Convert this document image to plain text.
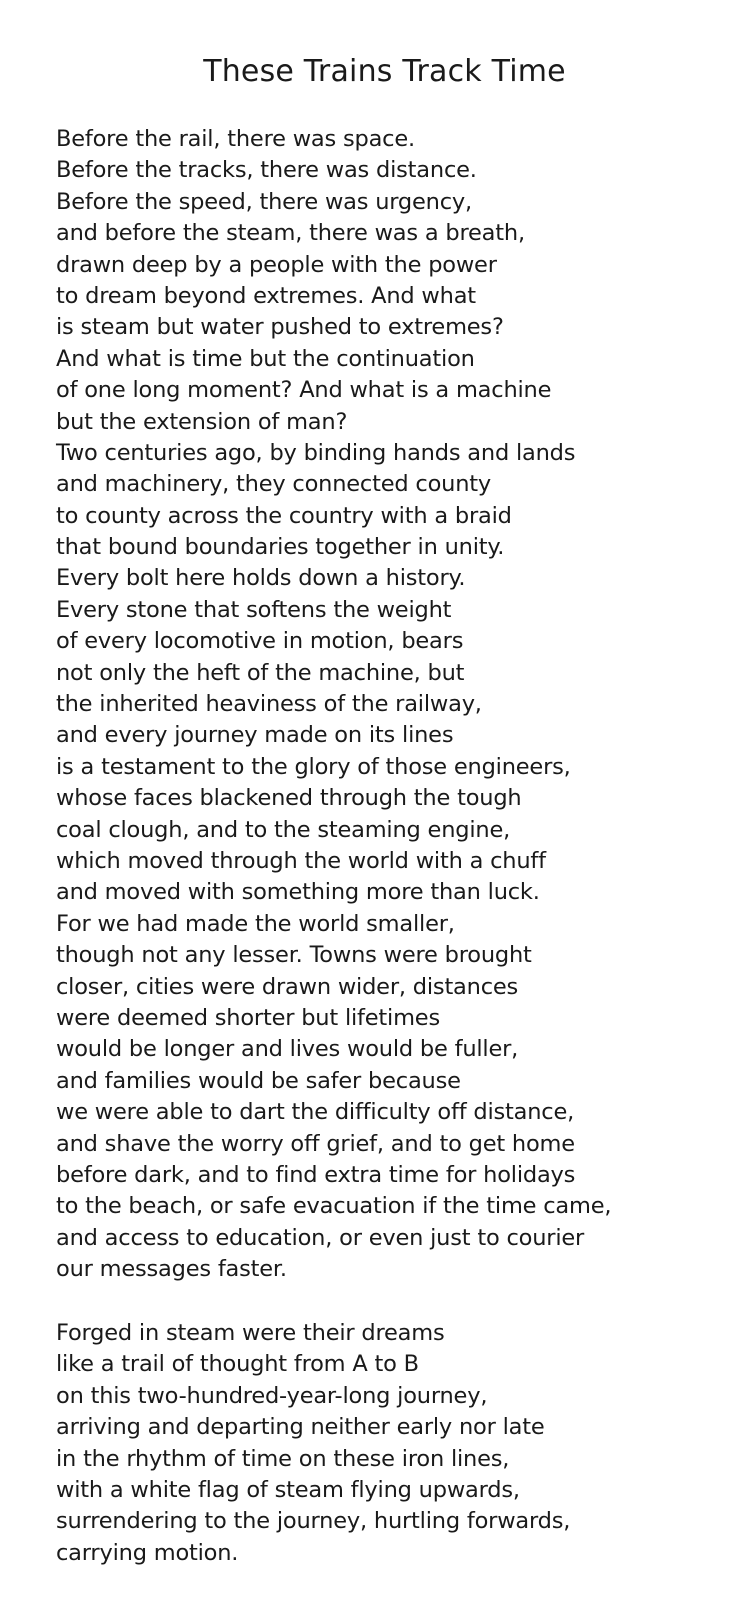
These Trains Track Time
Before the rail, there was space.
Before the tracks, there was distance.
Before the speed, there was urgency,
and before the steam, there was a breath,
drawn deep by a people with the power
to dream beyond extremes. And what
is steam but water pushed to extremes?
And what is time but the continuation
of one long moment? And what is a machine
but the extension of man?
Two centuries ago, by binding hands and lands
and machinery, they connected county
to county across the country with a braid
that bound boundaries together in unity.
Every bolt here holds down a history.
Every stone that softens the weight
of every locomotive in motion, bears
not only the heft of the machine, but
the inherited heaviness of the railway,
and every journey made on its lines
is a testament to the glory of those engineers,
whose faces blackened through the tough
coal clough, and to the steaming engine,
which moved through the world with a chuff
and moved with something more than luck.
For we had made the world smaller,
though not any lesser. Towns were brought
closer, cities were drawn wider, distances
were deemed shorter but lifetimes
would be longer and lives would be fuller,
and families would be safer because
we were able to dart the difficulty off distance,
and shave the worry off grief, and to get home
before dark, and to find extra time for holidays
to the beach, or safe evacuation if the time came,
and access to education, or even just to courier
our messages faster.
Forged in steam were their dreams
like a trail of thought from A to B
on this two-hundred-year-long journey,
arriving and departing neither early nor late
in the rhythm of time on these iron lines,
with a white flag of steam flying upwards,
surrendering to the journey, hurtling forwards,
carrying motion.
